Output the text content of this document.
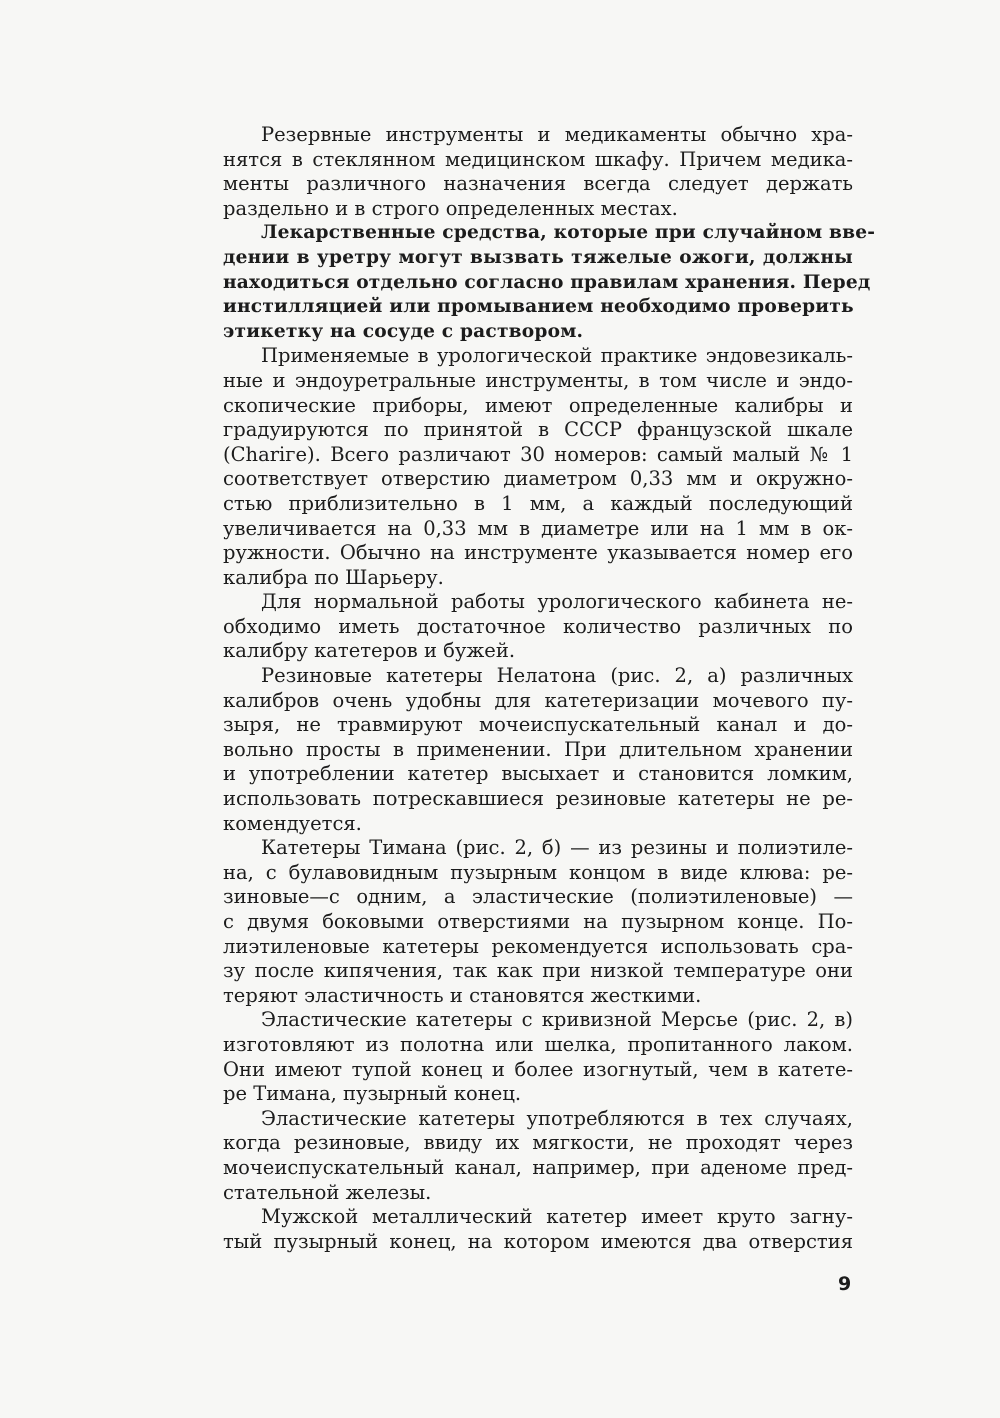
Резервные инструменты и медикаменты обычно хра-
нятся в стеклянном медицинском шкафу. Причем медика-
менты различного назначения всегда следует держать
раздельно и в строго определенных местах.
Лекарственные средства, которые при случайном вве-
дении в уретру могут вызвать тяжелые ожоги, должны
находиться отдельно согласно правилам хранения. Перед
инстилляцией или промыванием необходимо проверить
этикетку на сосуде с раствором.
Применяемые в урологической практике эндовезикаль-
ные и эндоуретральные инструменты, в том числе и эндо-
скопические приборы, имеют определенные калибры и
градуируются по принятой в СССР французской шкале
(Chariге). Всего различают 30 номеров: самый малый № 1
соответствует отверстию диаметром 0,33 мм и окружно-
стью приблизительно в 1 мм, а каждый последующий
увеличивается на 0,33 мм в диаметре или на 1 мм в ок-
ружности. Обычно на инструменте указывается номер его
калибра по Шарьеру.
Для нормальной работы урологического кабинета не-
обходимо иметь достаточное количество различных по
калибру катетеров и бужей.
Резиновые катетеры Нелатона (рис. 2, а) различных
калибров очень удобны для катетеризации мочевого пу-
зыря, не травмируют мочеиспускательный канал и до-
вольно просты в применении. При длительном хранении
и употреблении катетер высыхает и становится ломким,
использовать потрескавшиеся резиновые катетеры не ре-
комендуется.
Катетеры Тимана (рис. 2, б) — из резины и полиэтиле-
на, с булавовидным пузырным концом в виде клюва: ре-
зиновые—с одним, а эластические (полиэтиленовые) —
с двумя боковыми отверстиями на пузырном конце. По-
лиэтиленовые катетеры рекомендуется использовать сра-
зу после кипячения, так как при низкой температуре они
теряют эластичность и становятся жесткими.
Эластические катетеры с кривизной Мерсье (рис. 2, в)
изготовляют из полотна или шелка, пропитанного лаком.
Они имеют тупой конец и более изогнутый, чем в катете-
ре Тимана, пузырный конец.
Эластические катетеры употребляются в тех случаях,
когда резиновые, ввиду их мягкости, не проходят через
мочеиспускательный канал, например, при аденоме пред-
стательной железы.
Мужской металлический катетер имеет круто загну-
тый пузырный конец, на котором имеются два отверстия
9
